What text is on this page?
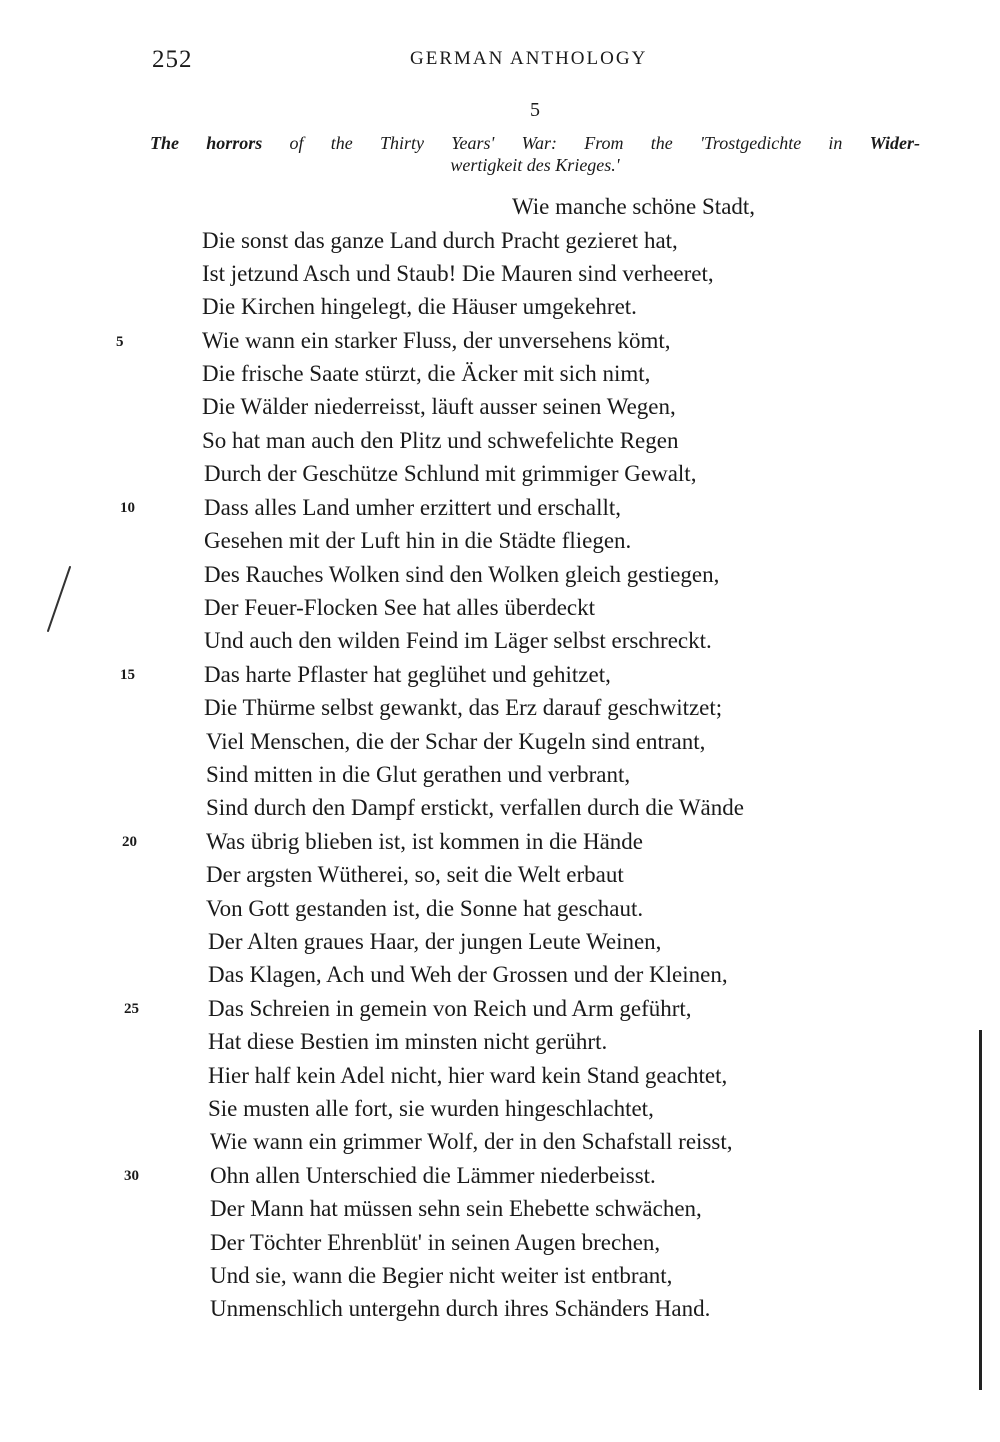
252	GERMAN ANTHOLOGY
5
The horrors of the Thirty Years' War: From the 'Trostgedichte in Wider-
wertigkeit des Krieges.'
Wie manche schöne Stadt,
Die sonst das ganze Land durch Pracht gezieret hat,
Ist jetzund Asch und Staub! Die Mauren sind verheeret,
Die Kirchen hingelegt, die Häuser umgekehret.
Wie wann ein starker Fluss, der unversehens kömt,
Die frische Saate stürzt, die Äcker mit sich nimt,
Die Wälder niederreisst, läuft ausser seinen Wegen,
So hat man auch den Plitz und schwefelichte Regen
Durch der Geschütze Schlund mit grimmiger Gewalt,
Dass alles Land umher erzittert und erschallt,
Gesehen mit der Luft hin in die Städte fliegen.
Des Rauches Wolken sind den Wolken gleich gestiegen,
Der Feuer-Flocken See hat alles überdeckt
Und auch den wilden Feind im Läger selbst erschreckt.
Das harte Pflaster hat geglühet und gehitzet,
Die Thürme selbst gewankt, das Erz darauf geschwitzet;
Viel Menschen, die der Schar der Kugeln sind entrant,
Sind mitten in die Glut gerathen und verbrant,
Sind durch den Dampf erstickt, verfallen durch die Wände
Was übrig blieben ist, ist kommen in die Hände
Der argsten Wütherei, so, seit die Welt erbaut
Von Gott gestanden ist, die Sonne hat geschaut.
Der Alten graues Haar, der jungen Leute Weinen,
Das Klagen, Ach und Weh der Grossen und der Kleinen,
Das Schreien in gemein von Reich und Arm geführt,
Hat diese Bestien im minsten nicht gerührt.
Hier half kein Adel nicht, hier ward kein Stand geachtet,
Sie musten alle fort, sie wurden hingeschlachtet,
Wie wann ein grimmer Wolf, der in den Schafstall reisst,
Ohn allen Unterschied die Lämmer niederbeisst.
Der Mann hat müssen sehn sein Ehebette schwächen,
Der Töchter Ehrenblüt' in seinen Augen brechen,
Und sie, wann die Begier nicht weiter ist entbrant,
Unmenschlich untergehn durch ihres Schänders Hand.
5
10
15
20
25
30
